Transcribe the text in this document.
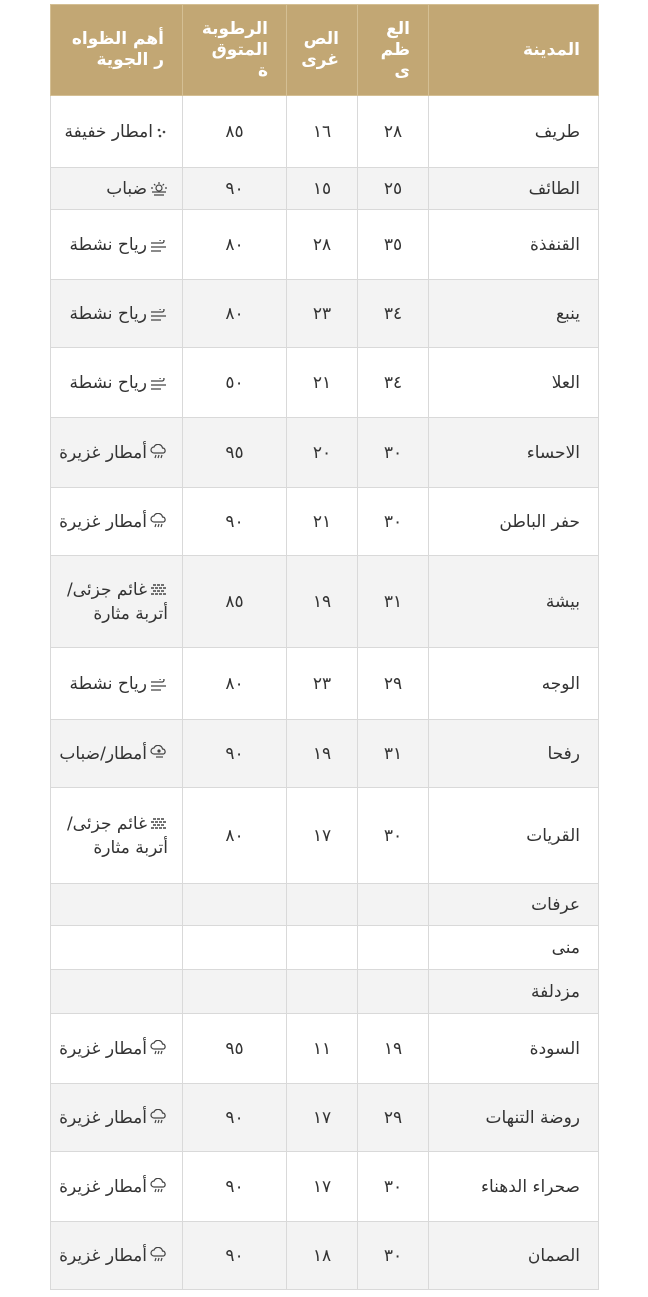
المدينة	الع ظم ى	الص غرى	الرطوبة المتوق ة	أهم الظواه ر الجوية
طريف	٢٨	١٦	٨٥	امطار خفيفة
الطائف	٢٥	١٥	٩٠	ضباب
القنفذة	٣٥	٢٨	٨٠	رياح نشطة
ينبع	٣٤	٢٣	٨٠	رياح نشطة
العلا	٣٤	٢١	٥٠	رياح نشطة
الاحساء	٣٠	٢٠	٩٥	أمطار غزيرة
حفر الباطن	٣٠	٢١	٩٠	أمطار غزيرة
بيشة	٣١	١٩	٨٥	غائم جزئى/أتربة مثارة
الوجه	٢٩	٢٣	٨٠	رياح نشطة
رفحا	٣١	١٩	٩٠	أمطار/ضباب
القريات	٣٠	١٧	٨٠	غائم جزئى/أتربة مثارة
عرفات				
منى				
مزدلفة				
السودة	١٩	١١	٩٥	أمطار غزيرة
روضة التنهات	٢٩	١٧	٩٠	أمطار غزيرة
صحراء الدهناء	٣٠	١٧	٩٠	أمطار غزيرة
الصمان	٣٠	١٨	٩٠	أمطار غزيرة
